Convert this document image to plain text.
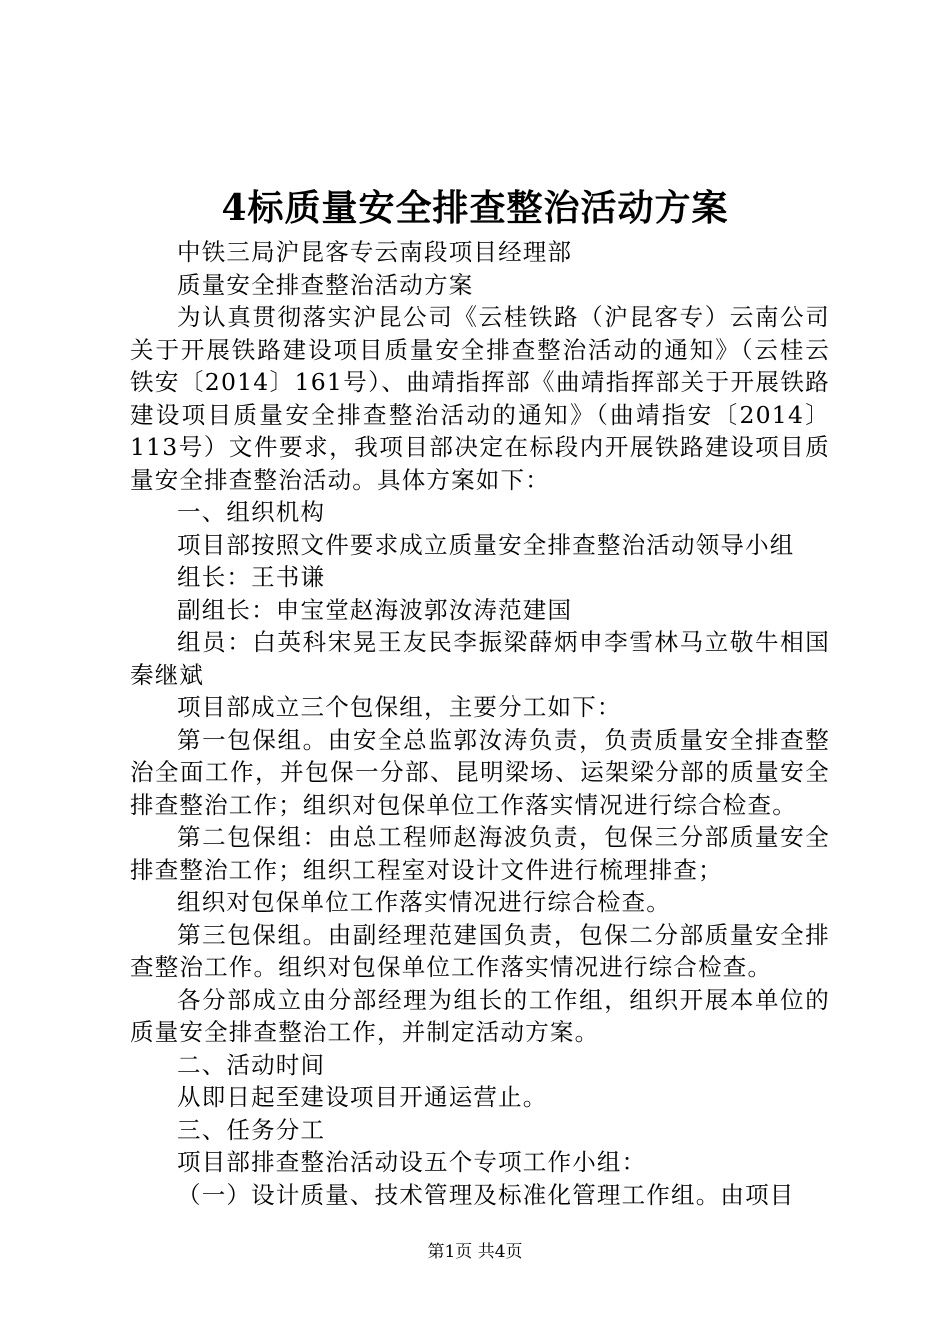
4标质量安全排查整治活动方案

中铁三局沪昆客专云南段项目经理部

质量安全排查整治活动方案

为认真贯彻落实沪昆公司《云桂铁路（沪昆客专）云南公司关于开展铁路建设项目质量安全排查整治活动的通知》（云桂云铁安〔2014〕161号）、曲靖指挥部《曲靖指挥部关于开展铁路建设项目质量安全排查整治活动的通知》（曲靖指安〔2014〕113号）文件要求，我项目部决定在标段内开展铁路建设项目质量安全排查整治活动。具体方案如下：

一、组织机构

项目部按照文件要求成立质量安全排查整治活动领导小组

组长：王书谦

副组长：申宝堂赵海波郭汝涛范建国

组员：白英科宋晃王友民李振梁薛炳申李雪林马立敬牛相国秦继斌

项目部成立三个包保组，主要分工如下：

第一包保组。由安全总监郭汝涛负责，负责质量安全排查整治全面工作，并包保一分部、昆明梁场、运架梁分部的质量安全排查整治工作；组织对包保单位工作落实情况进行综合检查。

第二包保组：由总工程师赵海波负责，包保三分部质量安全排查整治工作；组织工程室对设计文件进行梳理排查；

组织对包保单位工作落实情况进行综合检查。

第三包保组。由副经理范建国负责，包保二分部质量安全排查整治工作。组织对包保单位工作落实情况进行综合检查。

各分部成立由分部经理为组长的工作组，组织开展本单位的质量安全排查整治工作，并制定活动方案。

二、活动时间

从即日起至建设项目开通运营止。

三、任务分工

项目部排查整治活动设五个专项工作小组：

（一）设计质量、技术管理及标准化管理工作组。由项目

第1页 共4页
